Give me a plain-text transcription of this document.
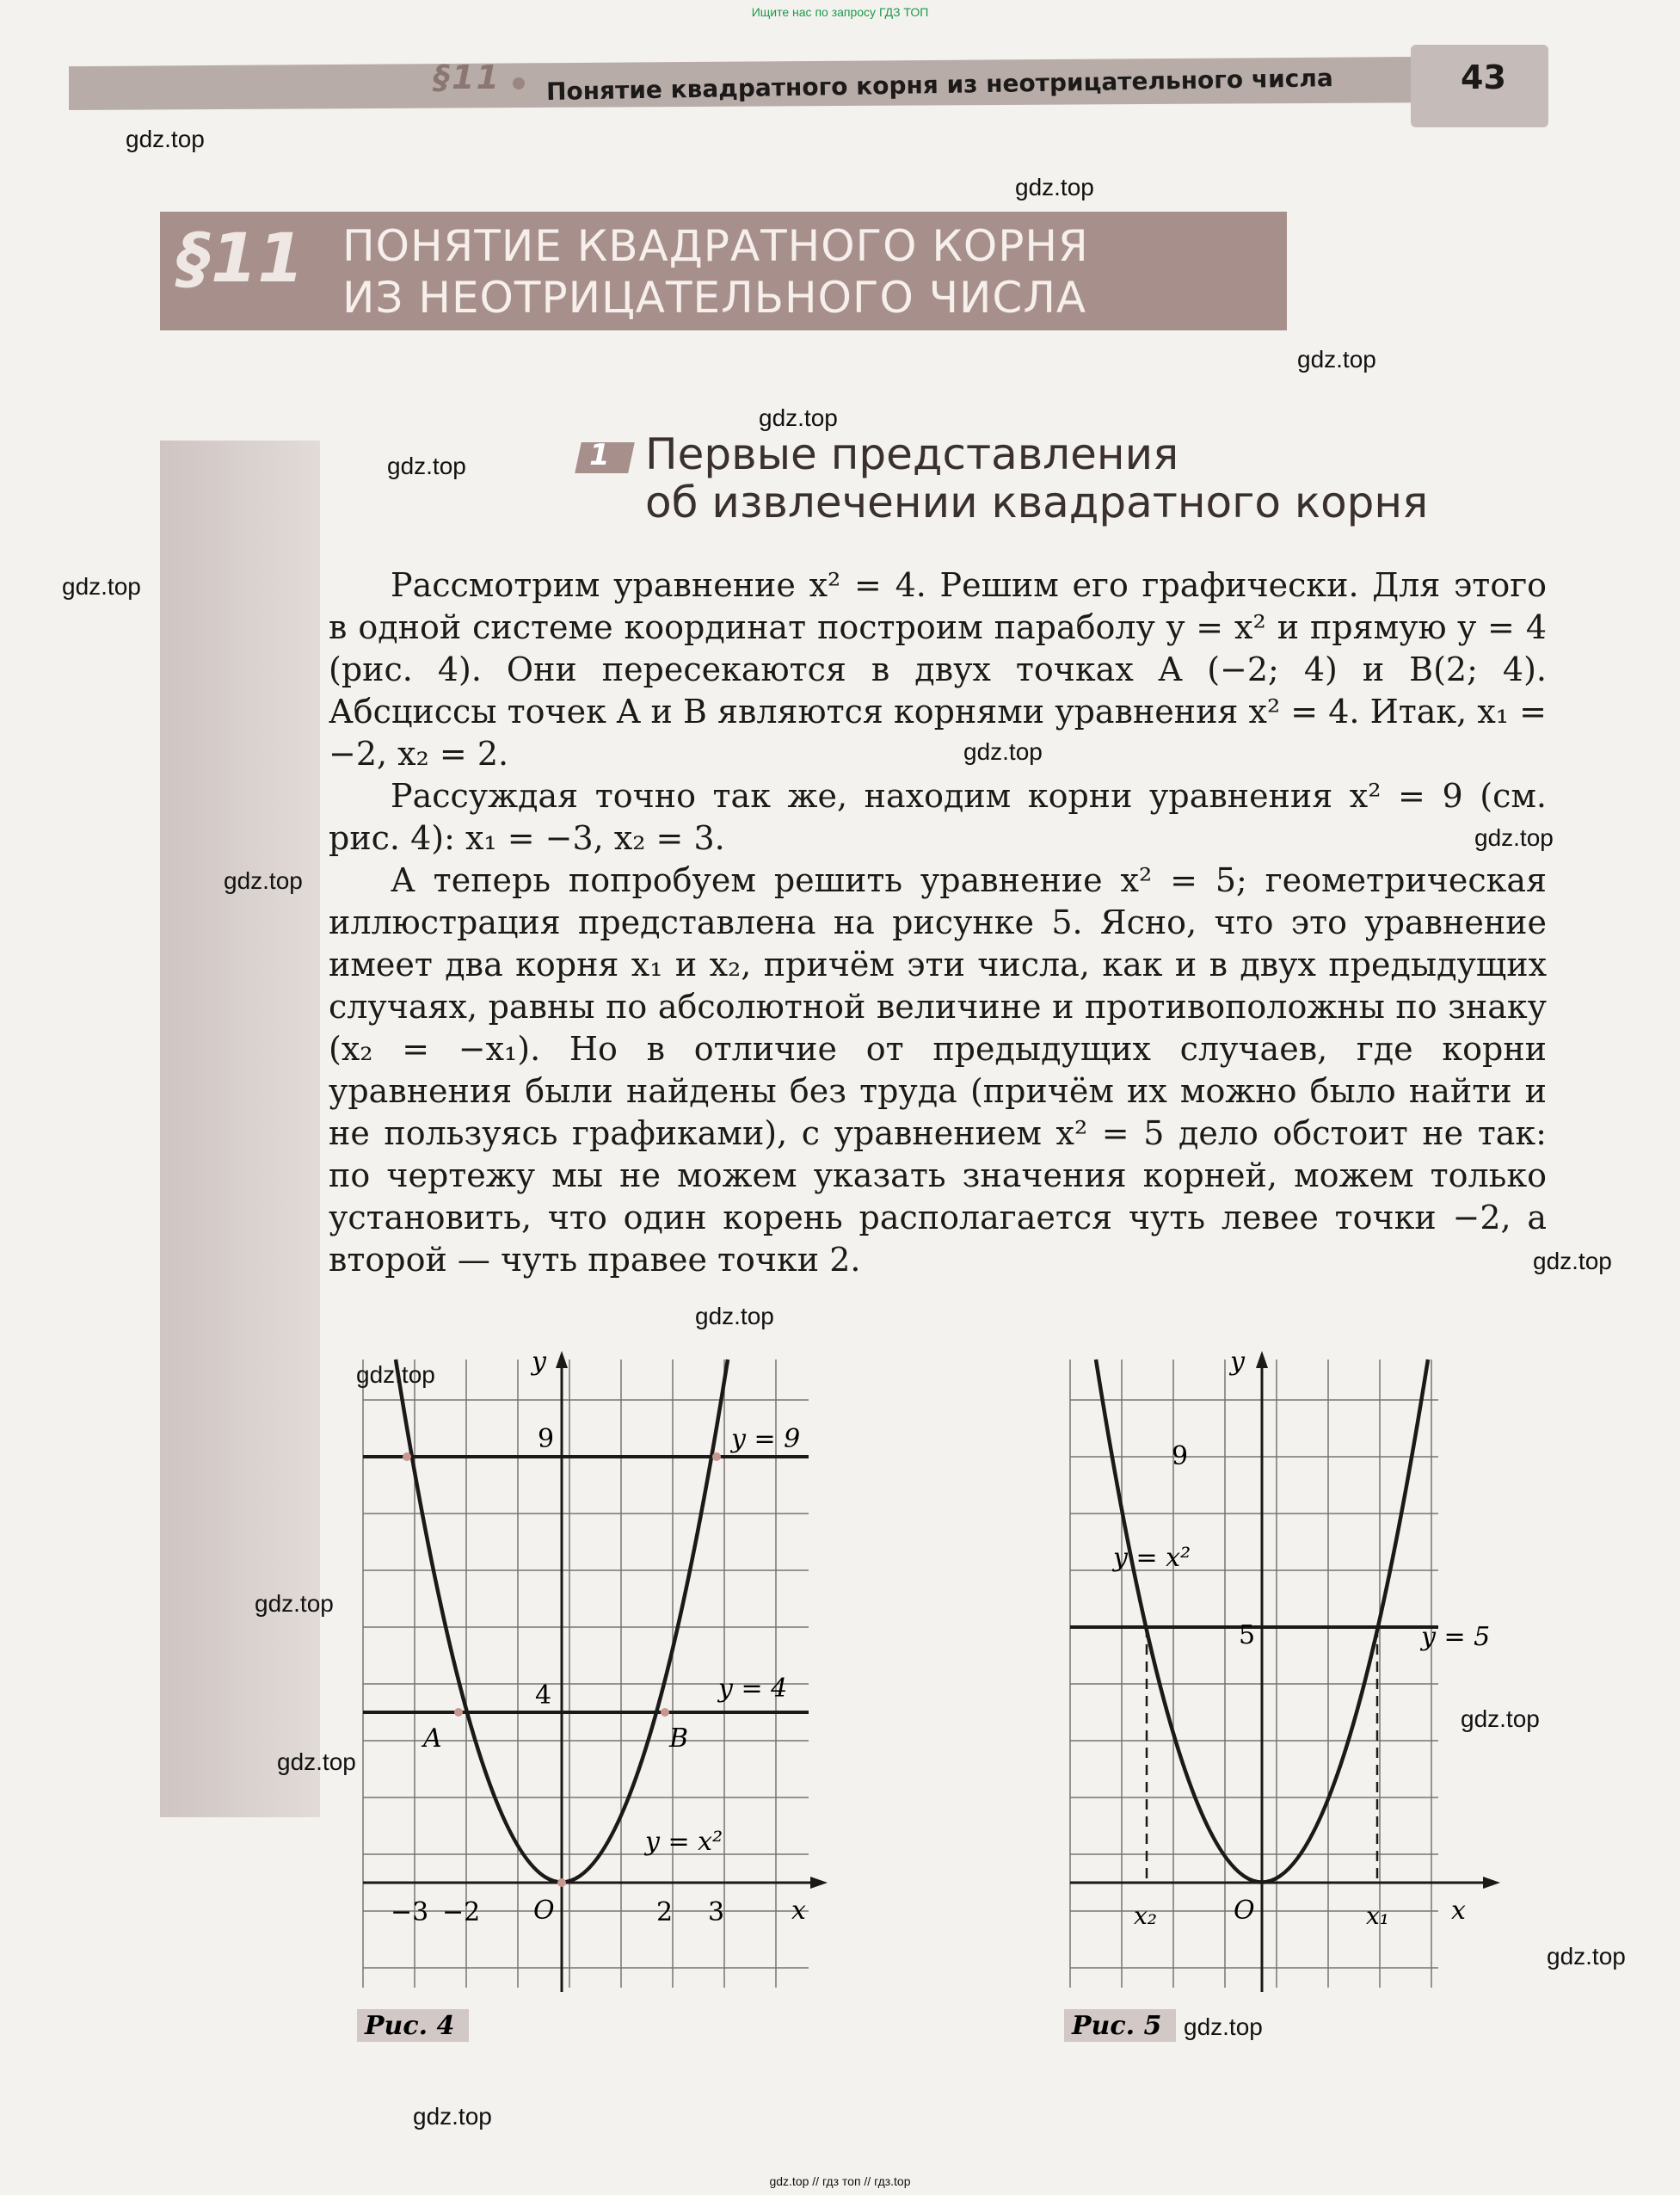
Ищите нас по запросу ГДЗ ТОП
§11 Понятие квадратного корня из неотрицательного числа	43
§11 ПОНЯТИЕ КВАДРАТНОГО КОРНЯ
ИЗ НЕОТРИЦАТЕЛЬНОГО ЧИСЛА
1 Первые представления
об извлечении квадратного корня

Рассмотрим уравнение x² = 4. Решим его графически. Для этого в одной системе координат построим параболу y = x² и прямую y = 4 (рис. 4). Они пересекаются в двух точках A (−2; 4) и B(2; 4). Абсциссы точек A и B являются корнями уравнения x² = 4. Итак, x₁ = −2, x₂ = 2.

Рассуждая точно так же, находим корни уравнения x² = 9 (см. рис. 4): x₁ = −3, x₂ = 3.

А теперь попробуем решить уравнение x² = 5; геометрическая иллюстрация представлена на рисунке 5. Ясно, что это уравнение имеет два корня x₁ и x₂, причём эти числа, как и в двух предыдущих случаях, равны по абсолютной величине и противоположны по знаку (x₂ = −x₁). Но в отличие от предыдущих случаев, где корни уравнения были найдены без труда (причём их можно было найти и не пользуясь графиками), с уравнением x² = 5 дело обстоит не так: по чертежу мы не можем указать значения корней, можем только установить, что один корень располагается чуть левее точки −2, а второй — чуть правее точки 2.

y
x
O
9
4
y = 9
y = 4
y = x²
A	B
−3 −2	2 3
Рис. 4
y
x
O
9
5
y = x²
y = 5
x₂	x₁
Рис. 5
gdz.top
gdz.top
gdz.top
gdz.top
gdz.top
gdz.top
gdz.top
gdz.top
gdz.top
gdz.top
gdz.top
gdz.top
gdz.top
gdz.top
gdz.top
gdz.top
gdz.top
gdz.top
gdz.top // гдз топ // гдз.top
